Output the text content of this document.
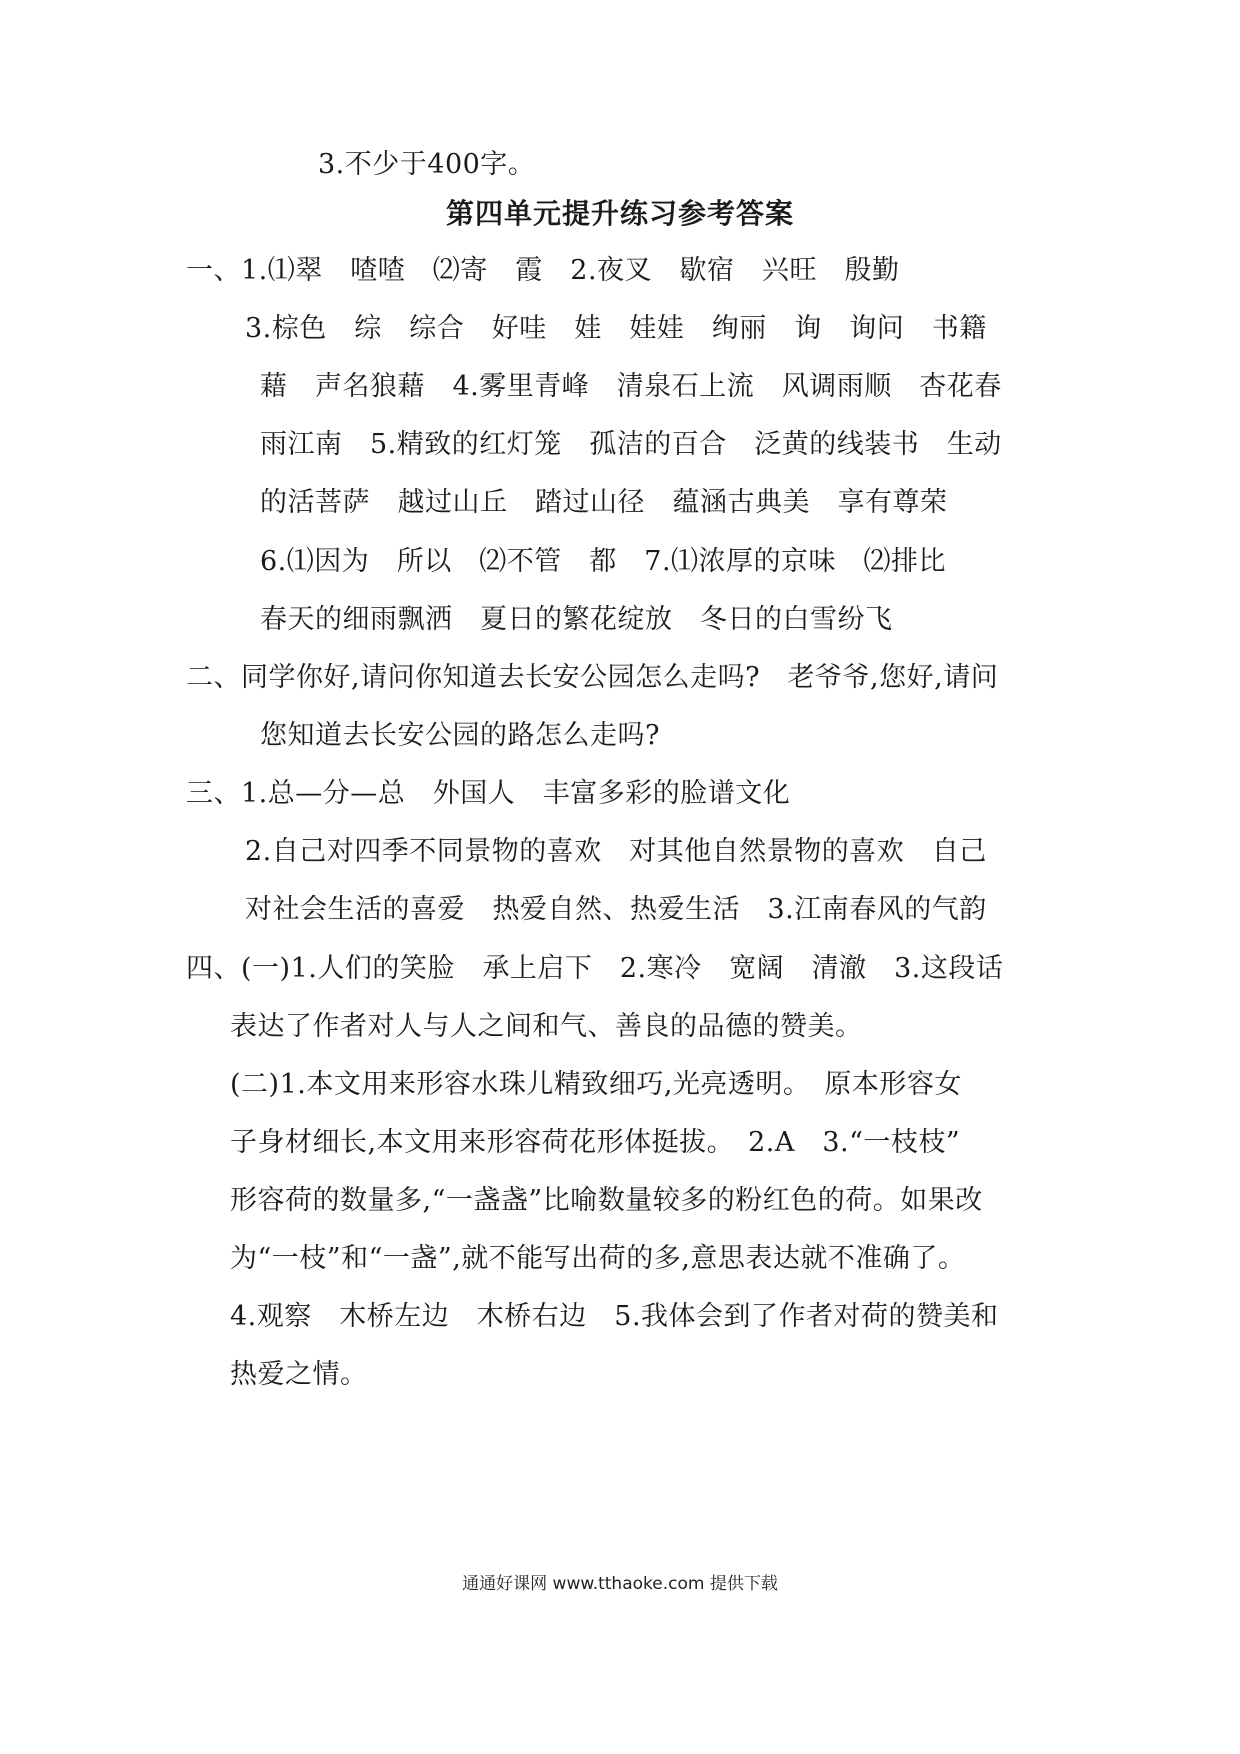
3.不少于400字。
第四单元提升练习参考答案
一、1.⑴翠　喳喳　⑵寄　霞　2.夜叉　歇宿　兴旺　殷勤
3.棕色　综　综合　好哇　娃　娃娃　绚丽　询　询问　书籍
藉　声名狼藉　4.雾里青峰　清泉石上流　风调雨顺　杏花春
雨江南　5.精致的红灯笼　孤洁的百合　泛黄的线装书　生动
的活菩萨　越过山丘　踏过山径　蕴涵古典美　享有尊荣
6.⑴因为　所以　⑵不管　都　7.⑴浓厚的京味　⑵排比
春天的细雨飘洒　夏日的繁花绽放　冬日的白雪纷飞
二、同学你好,请问你知道去长安公园怎么走吗?　老爷爷,您好,请问
您知道去长安公园的路怎么走吗?
三、1.总—分—总　外国人　丰富多彩的脸谱文化
2.自己对四季不同景物的喜欢　对其他自然景物的喜欢　自己
对社会生活的喜爱　热爱自然、热爱生活　3.江南春风的气韵
四、(一)1.人们的笑脸　承上启下　2.寒冷　宽阔　清澈　3.这段话
表达了作者对人与人之间和气、善良的品德的赞美。
(二)1.本文用来形容水珠儿精致细巧,光亮透明。　原本形容女
子身材细长,本文用来形容荷花形体挺拔。　2.A　3.“一枝枝”
形容荷的数量多,“一盏盏”比喻数量较多的粉红色的荷。如果改
为“一枝”和“一盏”,就不能写出荷的多,意思表达就不准确了。
4.观察　木桥左边　木桥右边　5.我体会到了作者对荷的赞美和
热爱之情。
通通好课网 www.tthaoke.com 提供下载
